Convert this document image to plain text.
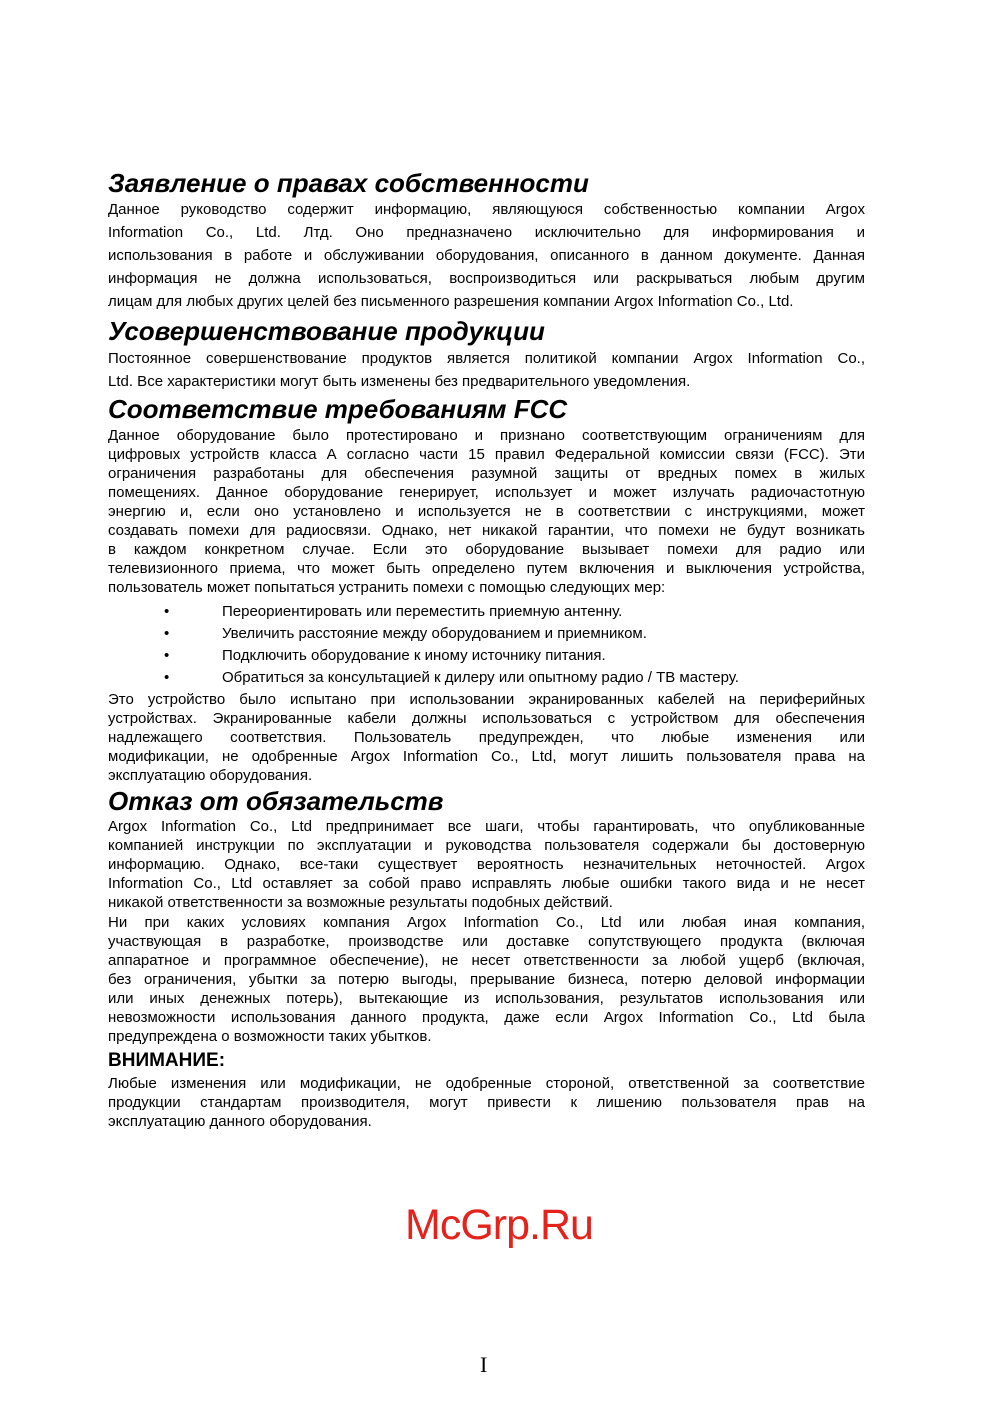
Заявление о правах собственности
Данное руководство содержит информацию, являющуюся собственностью компании Argox
Information Co., Ltd. Лтд. Оно предназначено исключительно для информирования и
использования в работе и обслуживании оборудования, описанного в данном документе. Данная
информация не должна использоваться, воспроизводиться или раскрываться любым другим
лицам для любых других целей без письменного разрешения компании Argox Information Co., Ltd.
Усовершенствование продукции
Постоянное совершенствование продуктов является политикой компании Argox Information Co.,
Ltd. Все характеристики могут быть изменены без предварительного уведомления.
Соответствие требованиям FCC
Данное оборудование было протестировано и признано соответствующим ограничениям для
цифровых устройств класса А согласно части 15 правил Федеральной комиссии связи (FCC). Эти
ограничения разработаны для обеспечения разумной защиты от вредных помех в жилых
помещениях. Данное оборудование генерирует, использует и может излучать радиочастотную
энергию и, если оно установлено и используется не в соответствии с инструкциями, может
создавать помехи для радиосвязи. Однако, нет никакой гарантии, что помехи не будут возникать
в каждом конкретном случае. Если это оборудование вызывает помехи для радио или
телевизионного приема, что может быть определено путем включения и выключения устройства,
пользователь может попытаться устранить помехи с помощью следующих мер:
•	Переориентировать или переместить приемную антенну.
•	Увеличить расстояние между оборудованием и приемником.
•	Подключить оборудование к иному источнику питания.
•	Обратиться за консультацией к дилеру или опытному радио / ТВ мастеру.
Это устройство было испытано при использовании экранированных кабелей на периферийных
устройствах. Экранированные кабели должны использоваться с устройством для обеспечения
надлежащего соответствия. Пользователь предупрежден, что любые изменения или
модификации, не одобренные Argox Information Co., Ltd, могут лишить пользователя права на
эксплуатацию оборудования.
Отказ от обязательств
Argox Information Co., Ltd предпринимает все шаги, чтобы гарантировать, что опубликованные
компанией инструкции по эксплуатации и руководства пользователя содержали бы достоверную
информацию. Однако, все-таки существует вероятность незначительных неточностей. Argox
Information Co., Ltd оставляет за собой право исправлять любые ошибки такого вида и не несет
никакой ответственности за возможные результаты подобных действий.
Ни при каких условиях компания Argox Information Co., Ltd или любая иная компания,
участвующая в разработке, производстве или доставке сопутствующего продукта (включая
аппаратное и программное обеспечение), не несет ответственности за любой ущерб (включая,
без ограничения, убытки за потерю выгоды, прерывание бизнеса, потерю деловой информации
или иных денежных потерь), вытекающие из использования, результатов использования или
невозможности использования данного продукта, даже если Argox Information Co., Ltd была
предупреждена о возможности таких убытков.
ВНИМАНИЕ:
Любые изменения или модификации, не одобренные стороной, ответственной за соответствие
продукции стандартам производителя, могут привести к лишению пользователя прав на
эксплуатацию данного оборудования.
McGrp.Ru
I
